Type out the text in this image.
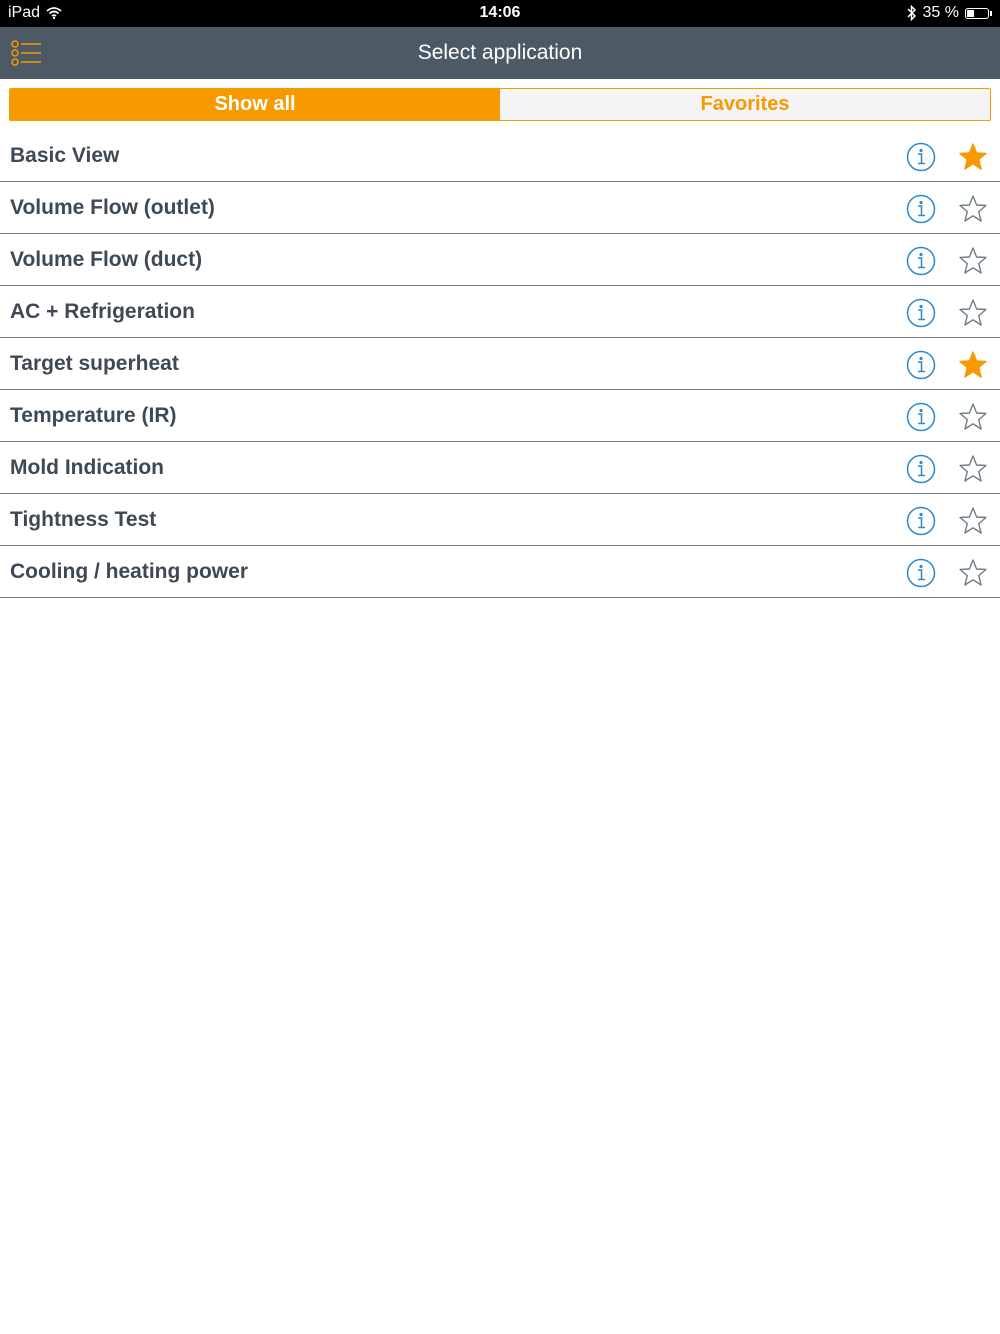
iPad	14:06	35 %
Select application
Show all	Favorites
Basic View
Volume Flow (outlet)
Volume Flow (duct)
AC + Refrigeration
Target superheat
Temperature (IR)
Mold Indication
Tightness Test
Cooling / heating power
